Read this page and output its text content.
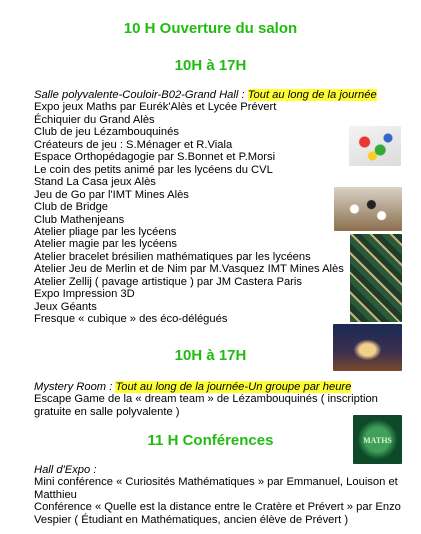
10 H Ouverture du salon
10H à 17H
Salle polyvalente-Couloir-B02-Grand Hall : Tout au long de la journée
Expo jeux Maths par Eurék'Alès et Lycée Prévert
Échiquier du Grand Alès
Club de jeu Lézambouquinés
Créateurs de jeu : S.Ménager et R.Viala
Espace Orthopédagogie par S.Bonnet et P.Morsi
Le coin des petits animé par les lycéens du CVL
Stand La Casa jeux Alès
Jeu de Go par l'IMT Mines Alès
Club de Bridge
Club Mathenjeans
Atelier pliage par les lycéens
Atelier magie par les lycéens
Atelier bracelet brésilien mathématiques par les lycéens
Atelier Jeu de Merlin et de Nim par M.Vasquez IMT Mines Alès
Atelier Zellij ( pavage artistique ) par JM Castera Paris
Expo Impression 3D
Jeux Géants
Fresque « cubique » des éco-délégués
10H à 17H
Mystery Room : Tout au long de la journée-Un groupe par heure
Escape Game de la « dream team » de Lézambouquinés ( inscription
gratuite en salle polyvalente )
11 H Conférences
Hall d'Expo :
Mini conférence « Curiosités Mathématiques » par Emmanuel, Louison et
Matthieu
Conférence « Quelle est la distance entre le Cratère et Prévert » par Enzo
Vespier ( Étudiant en Mathématiques, ancien élève de Prévert )
MATHS
